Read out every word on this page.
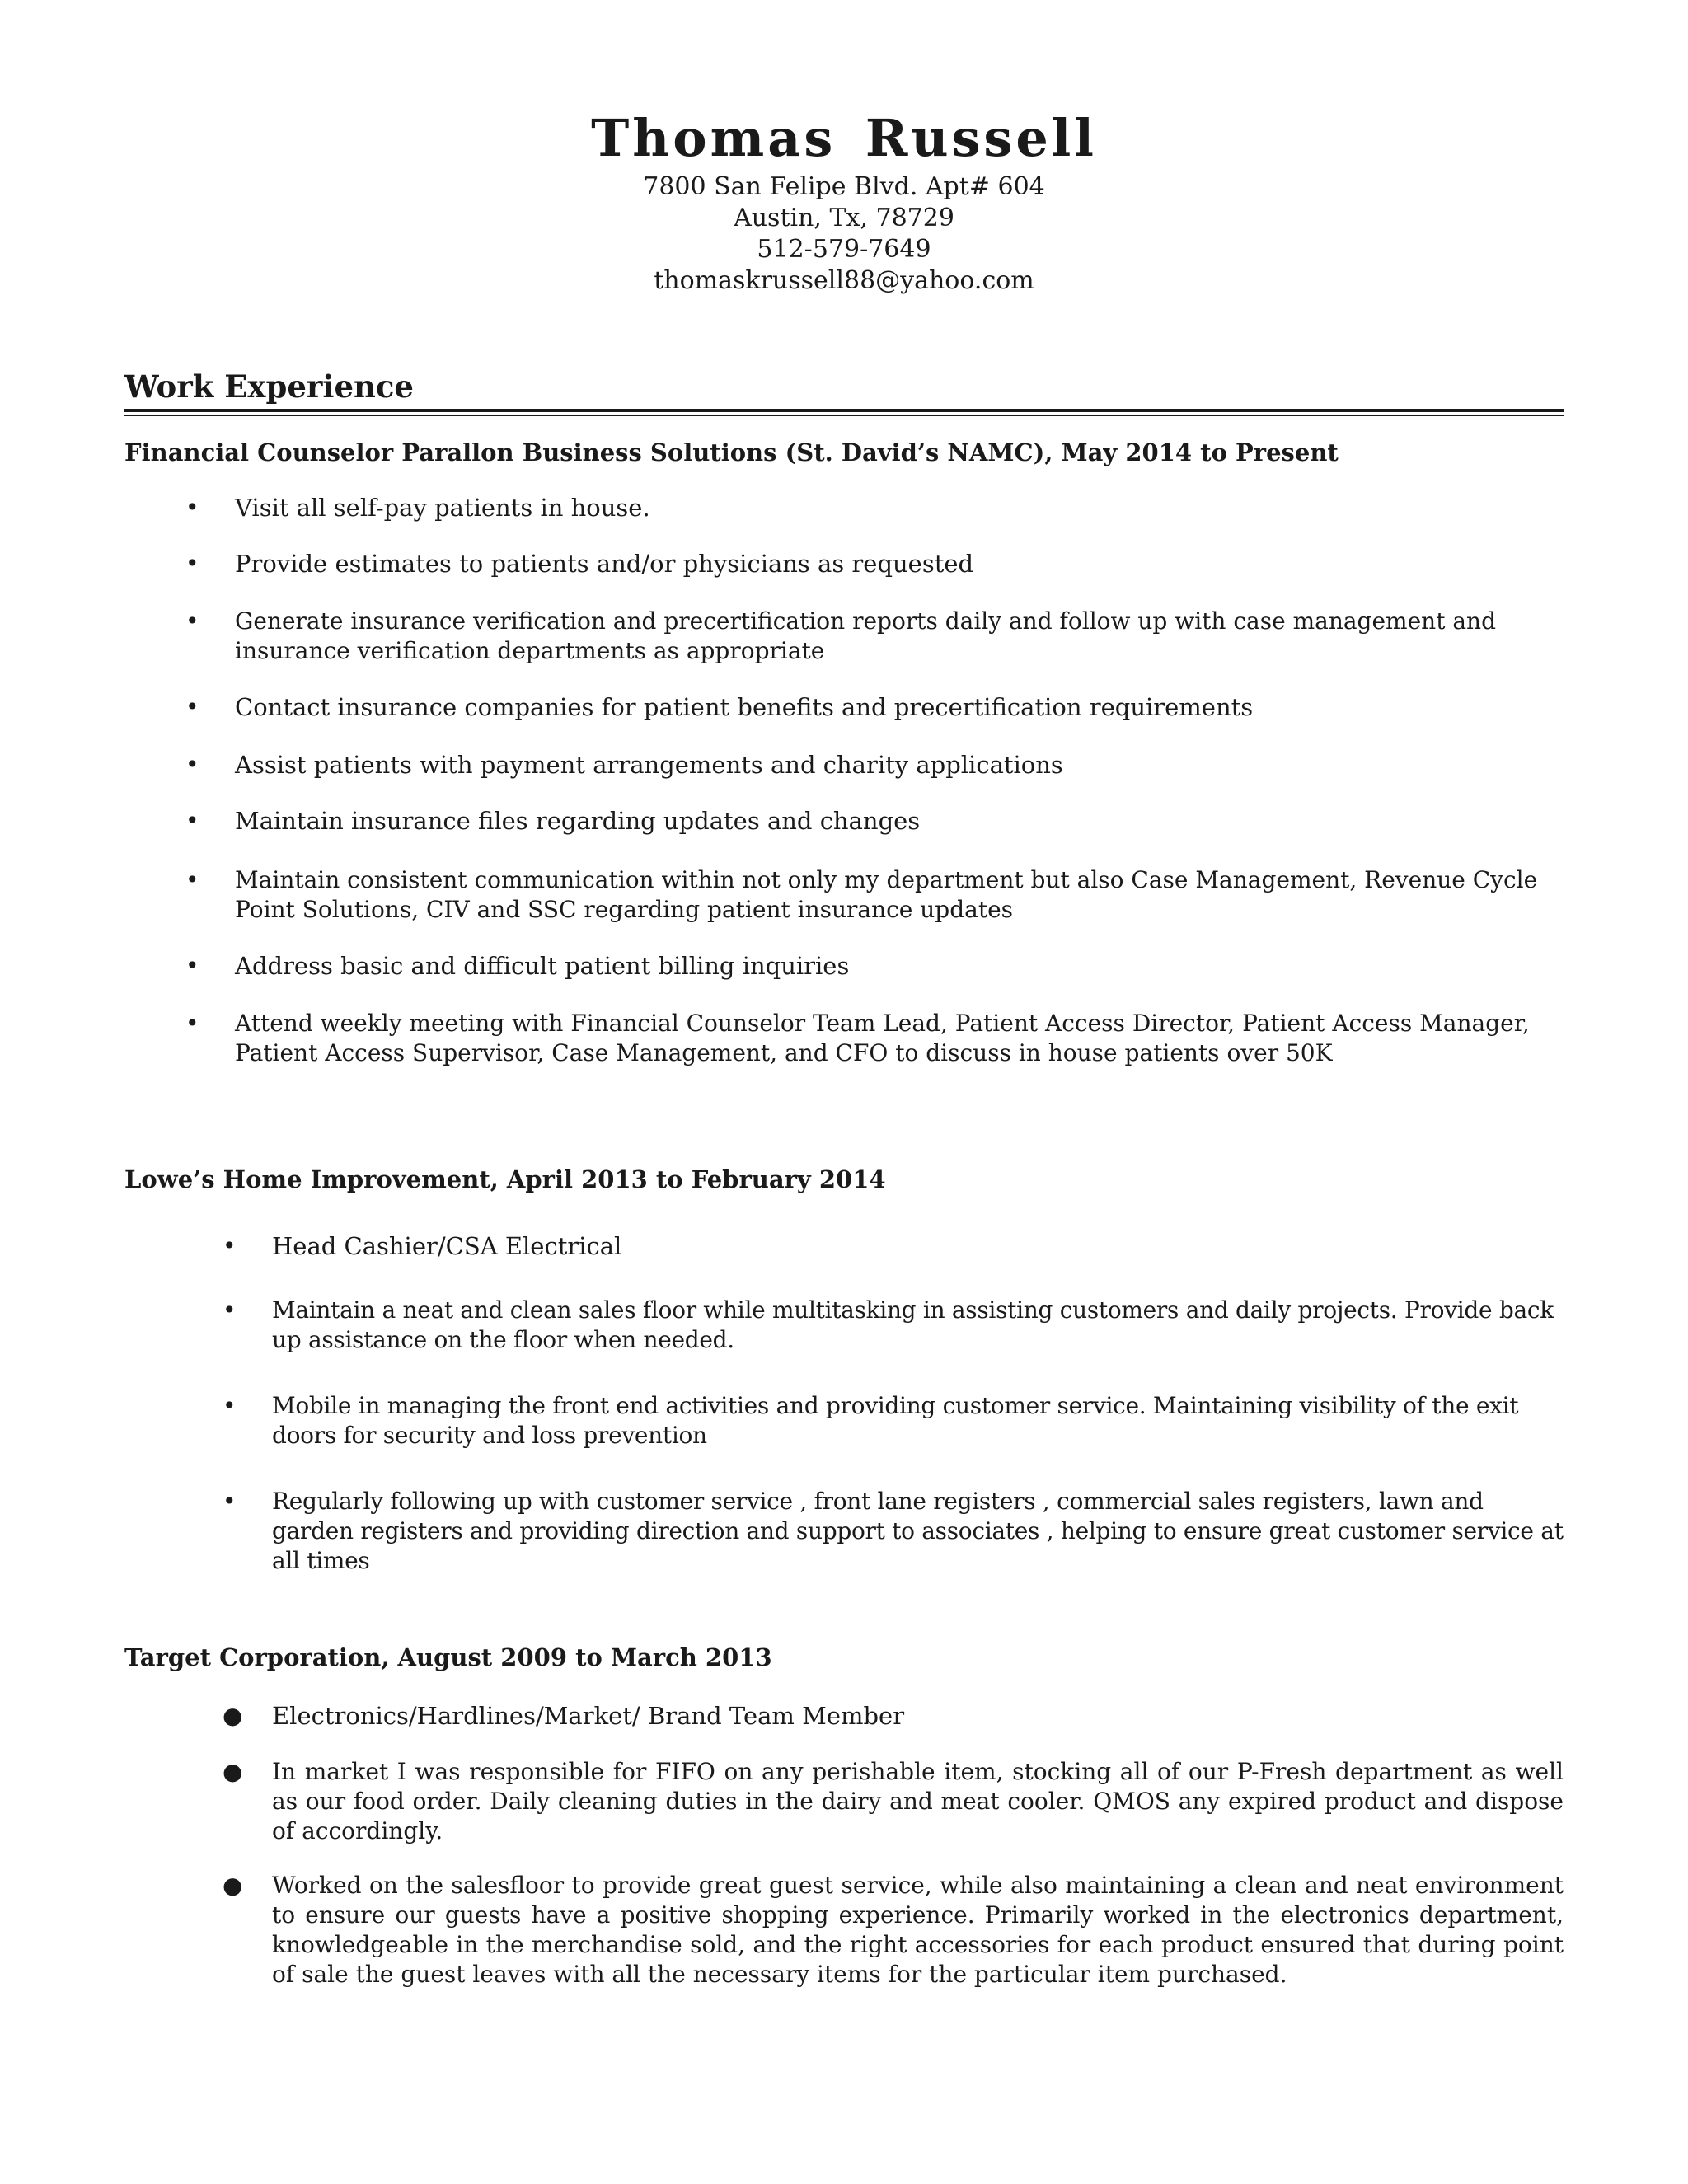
Thomas Russell
7800 San Felipe Blvd. Apt# 604
Austin, Tx, 78729
512-579-7649
thomaskrussell88@yahoo.com
Work Experience
Financial Counselor Parallon Business Solutions (St. David’s NAMC), May 2014 to Present
• Visit all self-pay patients in house.
• Provide estimates to patients and/or physicians as requested
• Generate insurance verification and precertification reports daily and follow up with case management and insurance verification departments as appropriate
• Contact insurance companies for patient benefits and precertification requirements
• Assist patients with payment arrangements and charity applications
• Maintain insurance files regarding updates and changes
• Maintain consistent communication within not only my department but also Case Management, Revenue Cycle Point Solutions, CIV and SSC regarding patient insurance updates
• Address basic and difficult patient billing inquiries
• Attend weekly meeting with Financial Counselor Team Lead, Patient Access Director, Patient Access Manager, Patient Access Supervisor, Case Management, and CFO to discuss in house patients over 50K
Lowe’s Home Improvement, April 2013 to February 2014
• Head Cashier/CSA Electrical
• Maintain a neat and clean sales floor while multitasking in assisting customers and daily projects. Provide back up assistance on the floor when needed.
• Mobile in managing the front end activities and providing customer service. Maintaining visibility of the exit doors for security and loss prevention
• Regularly following up with customer service , front lane registers , commercial sales registers, lawn and garden registers and providing direction and support to associates , helping to ensure great customer service at all times
Target Corporation, August 2009 to March 2013
● Electronics/Hardlines/Market/ Brand Team Member
● In market I was responsible for FIFO on any perishable item, stocking all of our P-Fresh department as well as our food order. Daily cleaning duties in the dairy and meat cooler. QMOS any expired product and dispose of accordingly.
● Worked on the salesfloor to provide great guest service, while also maintaining a clean and neat environment to ensure our guests have a positive shopping experience. Primarily worked in the electronics department, knowledgeable in the merchandise sold, and the right accessories for each product ensured that during point of sale the guest leaves with all the necessary items for the particular item purchased.
